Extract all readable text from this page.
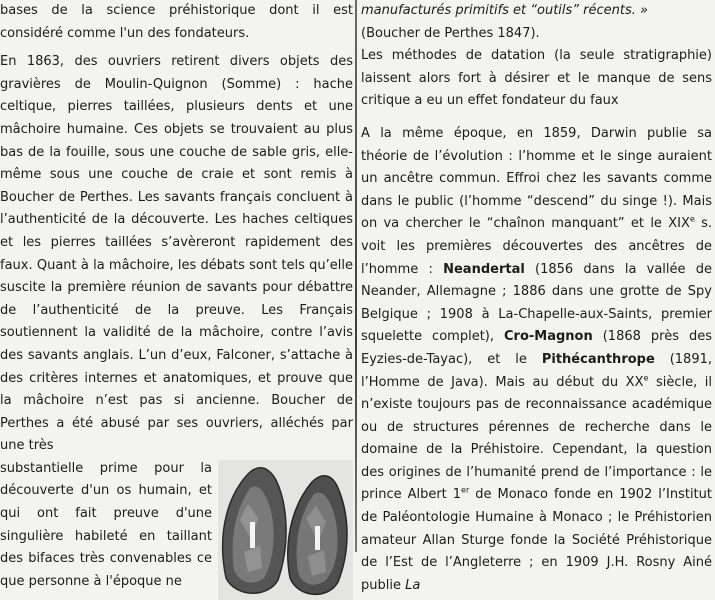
bases de la science préhistorique dont il est considéré comme l'un des fondateurs.

En 1863, des ouvriers retirent divers objets des gravières de Moulin-Quignon (Somme) : hache celtique, pierres taillées, plusieurs dents et une mâchoire humaine. Ces objets se trouvaient au plus bas de la fouille, sous une couche de sable gris, elle-même sous une couche de craie et sont remis à Boucher de Perthes. Les savants français concluent à l’authenticité de la découverte. Les haches celtiques et les pierres taillées s’avèreront rapidement des faux. Quant à la mâchoire, les débats sont tels qu’elle suscite la première réunion de savants pour débattre de l’authenticité de la preuve. Les Français soutiennent la validité de la mâchoire, contre l’avis des savants anglais. L’un d’eux, Falconer, s’attache à des critères internes et anatomiques, et prouve que la mâchoire n’est pas si ancienne. Boucher de Perthes a été abusé par ses ouvriers, alléchés par une très

substantielle prime pour la découverte d'un os humain, et qui ont fait preuve d'une singulière habileté en taillant des bifaces très convenables ce que personne à l'époque ne

manufacturés primitifs et “outils” récents. »
(Boucher de Perthes 1847).

Les méthodes de datation (la seule stratigraphie) laissent alors fort à désirer et le manque de sens critique a eu un effet fondateur du faux

A la même époque, en 1859, Darwin publie sa théorie de l’évolution : l’homme et le singe auraient un ancêtre commun. Effroi chez les savants comme dans le public (l’homme “descend” du singe !). Mais on va chercher le “chaînon manquant” et le XIXe s. voit les premières découvertes des ancêtres de l’homme : Neandertal (1856 dans la vallée de Neander, Allemagne ; 1886 dans une grotte de Spy Belgique ; 1908 à La-Chapelle-aux-Saints, premier squelette complet), Cro-Magnon (1868 près des Eyzies-de-Tayac), et le Pithécanthrope (1891, l’Homme de Java). Mais au début du XXe siècle, il n’existe toujours pas de reconnaissance académique ou de structures pérennes de recherche dans le domaine de la Préhistoire. Cependant, la question des origines de l’humanité prend de l’importance : le prince Albert 1er de Monaco fonde en 1902 l’Institut de Paléontologie Humaine à Monaco ; le Préhistorien amateur Allan Sturge fonde la Société Préhistorique de l’Est de l’Angleterre ; en 1909 J.H. Rosny Ainé publie La
